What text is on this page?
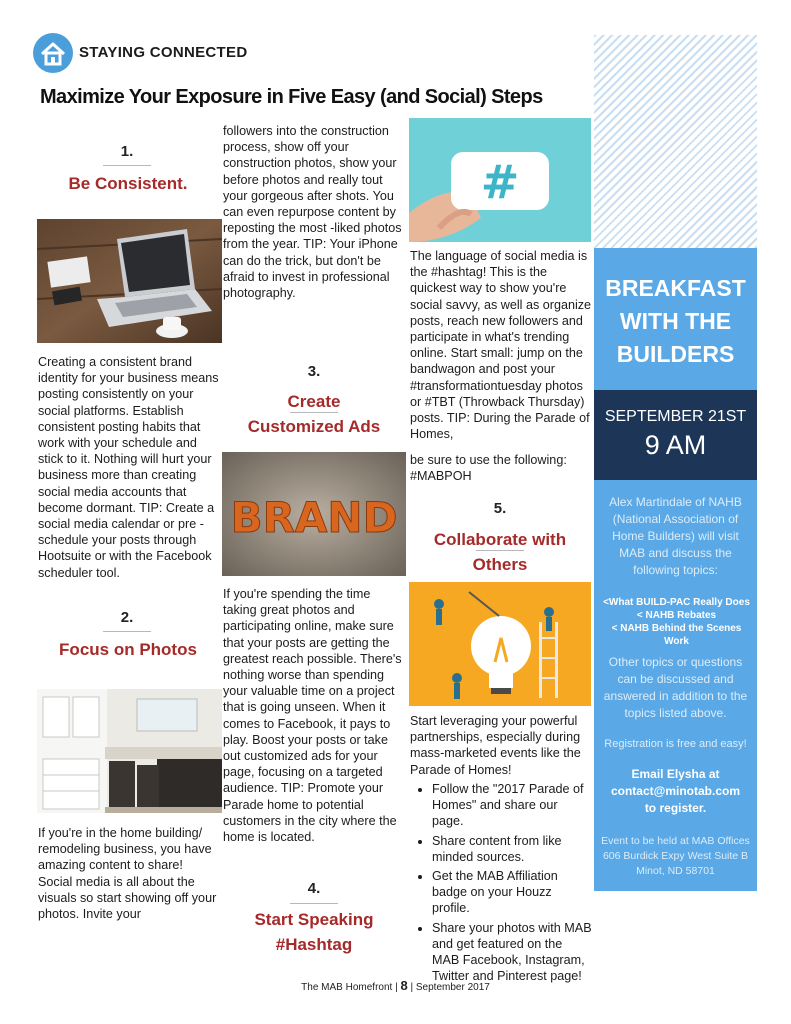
STAYING CONNECTED
Maximize Your Exposure in Five Easy (and Social) Steps
1.
Be Consistent.
Creating a consistent brand identity for your business means posting consistently on your social platforms. Establish consistent posting habits that work with your schedule and stick to it. Nothing will hurt your business more than creating social media accounts that become dormant. TIP: Create a social media calendar or pre -schedule your posts through Hootsuite or with the Facebook scheduler tool.
2.
Focus on Photos
If you're in the home building/ remodeling business, you have amazing content to share! Social media is all about the visuals so start showing off your photos. Invite your
followers into the construction process, show off your construction photos, show your before photos and really tout your gorgeous after shots. You can even repurpose content by reposting the most -liked photos from the year. TIP: Your iPhone can do the trick, but don't be afraid to invest in professional photography.
3.
Create
Customized Ads
BRAND
If you're spending the time taking great photos and participating online, make sure that your posts are getting the greatest reach possible. There's nothing worse than spending your valuable time on a project that is going unseen. When it comes to Facebook, it pays to play. Boost your posts or take out customized ads for your page, focusing on a targeted audience. TIP: Promote your Parade home to potential customers in the city where the home is located.
4.
Start Speaking
#Hashtag
#
The language of social media is the #hashtag! This is the quickest way to show you're social savvy, as well as organize posts, reach new followers and participate in what's trending online. Start small: jump on the bandwagon and post your #transformationtuesday photos or #TBT (Throwback Thursday) posts. TIP: During the Parade of Homes,
be sure to use the following: #MABPOH
5.
Collaborate with
Others
Start leveraging your powerful partnerships, especially during mass-marketed events like the Parade of Homes!
• Follow the "2017 Parade of Homes" and share our page.
• Share content from like minded sources.
• Get the MAB Affiliation badge on your Houzz profile.
• Share your photos with MAB and get featured on the MAB Facebook, Instagram, Twitter and Pinterest page!
BREAKFAST
WITH THE
BUILDERS
SEPTEMBER 21ST
9 AM
Alex Martindale of NAHB (National Association of Home Builders) will visit MAB and discuss the following topics:
<What BUILD-PAC Really Does
< NAHB Rebates
< NAHB Behind the Scenes Work
Other topics or questions can be discussed and answered in addition to the topics listed above.
Registration is free and easy!
Email Elysha at
contact@minotab.com
to register.
Event to be held at MAB Offices
606 Burdick Expy West Suite B
Minot, ND 58701
The MAB Homefront | 8 | September 2017
